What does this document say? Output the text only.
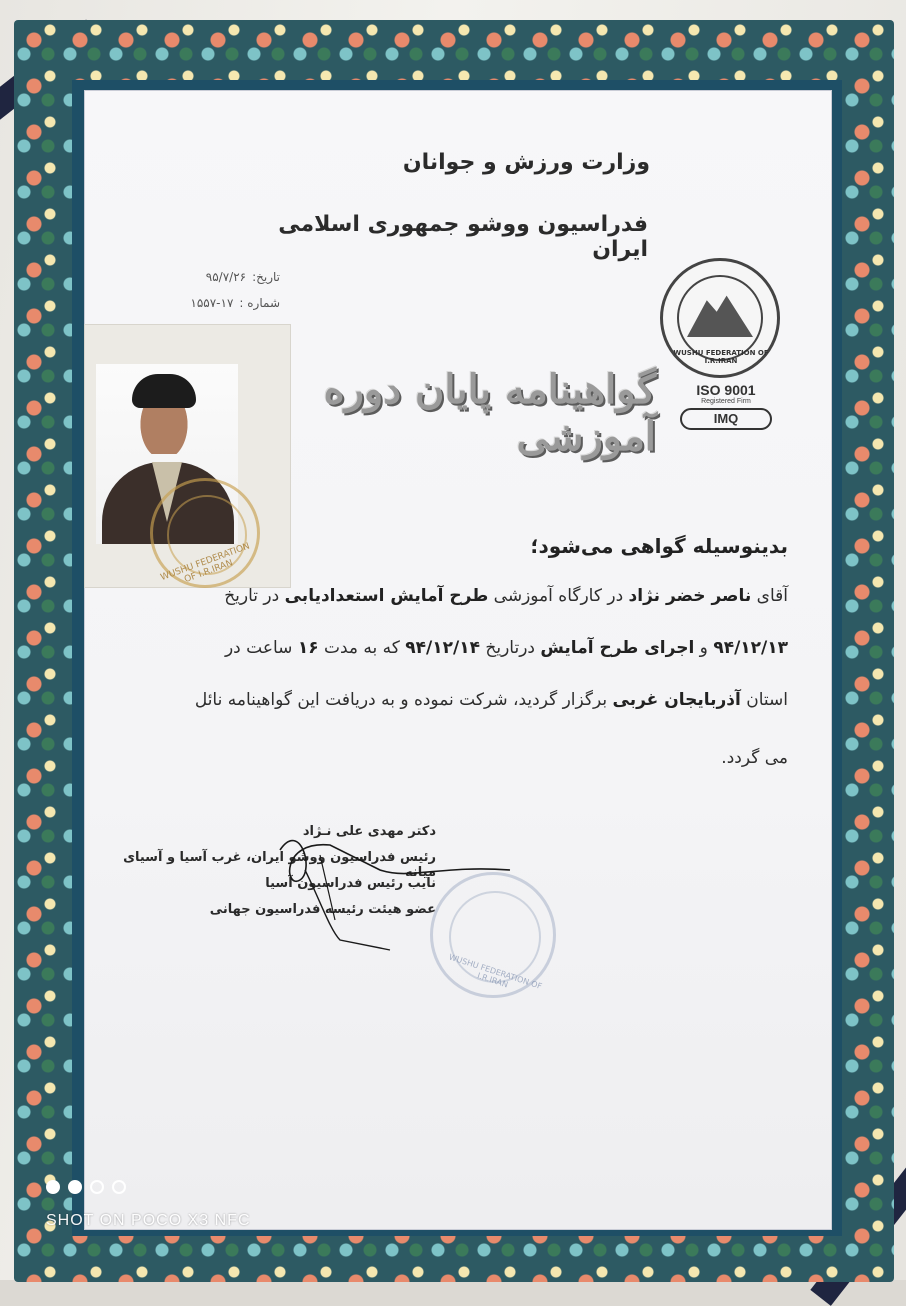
وزارت ورزش و جوانان
فدراسیون ووشو جمهوری اسلامی ایران
تاریخ:۹۵/۷/۲۶
شماره :۱۷-۱۵۵۷
WUSHU FEDERATION OF I.R.IRAN
گواهینامه پایان دوره آموزشی
WUSHU FEDERATION OF I.R.IRAN
ISO 9001
Registered Firm
IMQ
بدینوسیله گواهی می‌شود؛
آقای ناصر خضر نژاد در کارگاه آموزشی طرح آمایش استعدادیابی در تاریخ
۹۴/۱۲/۱۳ و اجرای طرح آمایش درتاریخ ۹۴/۱۲/۱۴ که به مدت ۱۶ ساعت در
استان آذربایجان غربی برگزار گردید، شرکت نموده و به دریافت این گواهینامه نائل
می گردد.
دکتر مهدی علی نـژاد
رئیس فدراسیون ووشو ایران، غرب آسیا و آسیای میانه
نایب رئیس فدراسیون آسیا
عضو هیئت رئیسه فدراسیون جهانی
WUSHU FEDERATION OF I.R.IRAN
SHOT ON POCO X3 NFC
